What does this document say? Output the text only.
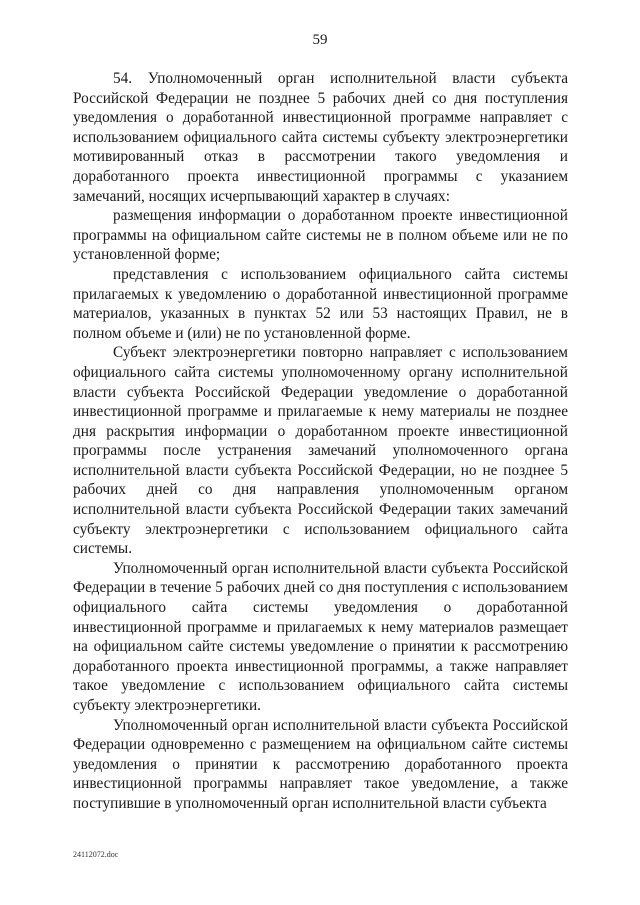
59

54. Уполномоченный орган исполнительной власти субъекта Российской Федерации не позднее 5 рабочих дней со дня поступления уведомления о доработанной инвестиционной программе направляет с использованием официального сайта системы субъекту электроэнергетики мотивированный отказ в рассмотрении такого уведомления и доработанного проекта инвестиционной программы с указанием замечаний, носящих исчерпывающий характер в случаях:

размещения информации о доработанном проекте инвестиционной программы на официальном сайте системы не в полном объеме или не по установленной форме;

представления с использованием официального сайта системы прилагаемых к уведомлению о доработанной инвестиционной программе материалов, указанных в пунктах 52 или 53 настоящих Правил, не в полном объеме и (или) не по установленной форме.

Субъект электроэнергетики повторно направляет с использованием официального сайта системы уполномоченному органу исполнительной власти субъекта Российской Федерации уведомление о доработанной инвестиционной программе и прилагаемые к нему материалы не позднее дня раскрытия информации о доработанном проекте инвестиционной программы после устранения замечаний уполномоченного органа исполнительной власти субъекта Российской Федерации, но не позднее 5 рабочих дней со дня направления уполномоченным органом исполнительной власти субъекта Российской Федерации таких замечаний субъекту электроэнергетики с использованием официального сайта системы.

Уполномоченный орган исполнительной власти субъекта Российской Федерации в течение 5 рабочих дней со дня поступления с использованием официального сайта системы уведомления о доработанной инвестиционной программе и прилагаемых к нему материалов размещает на официальном сайте системы уведомление о принятии к рассмотрению доработанного проекта инвестиционной программы, а также направляет такое уведомление с использованием официального сайта системы субъекту электроэнергетики.

Уполномоченный орган исполнительной власти субъекта Российской Федерации одновременно с размещением на официальном сайте системы уведомления о принятии к рассмотрению доработанного проекта инвестиционной программы направляет такое уведомление, а также поступившие в уполномоченный орган исполнительной власти субъекта

24112072.doc
